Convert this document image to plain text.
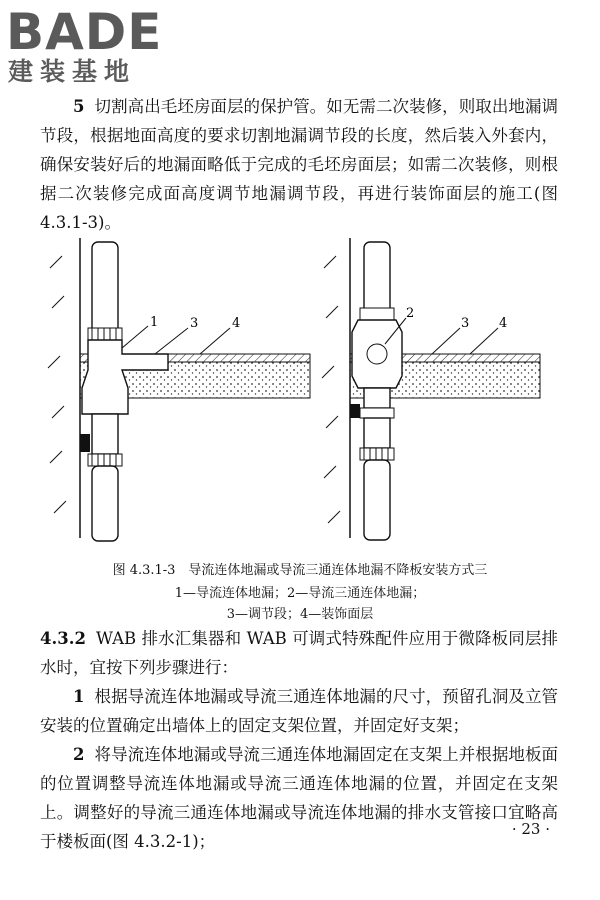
BADE
建装基地

5 切割高出毛坯房面层的保护管。如无需二次装修，则取出地漏调节段，根据地面高度的要求切割地漏调节段的长度，然后装入外套内，确保安装好后的地漏面略低于完成的毛坯房面层；如需二次装修，则根据二次装修完成面高度调节地漏调节段，再进行装饰面层的施工(图 4.3.1-3)。

1 3	4
2
3 4
图 4.3.1-3　导流连体地漏或导流三通连体地漏不降板安装方式三
1—导流连体地漏；2—导流三通连体地漏；
3—调节段；4—装饰面层

4.3.2 WAB 排水汇集器和 WAB 可调式特殊配件应用于微降板同层排水时，宜按下列步骤进行：

1 根据导流连体地漏或导流三通连体地漏的尺寸，预留孔洞及立管安装的位置确定出墙体上的固定支架位置，并固定好支架；

2 将导流连体地漏或导流三通连体地漏固定在支架上并根据地板面的位置调整导流连体地漏或导流三通连体地漏的位置，并固定在支架上。调整好的导流三通连体地漏或导流连体地漏的排水支管接口宜略高于楼板面(图 4.3.2-1)；

· 23 ·
